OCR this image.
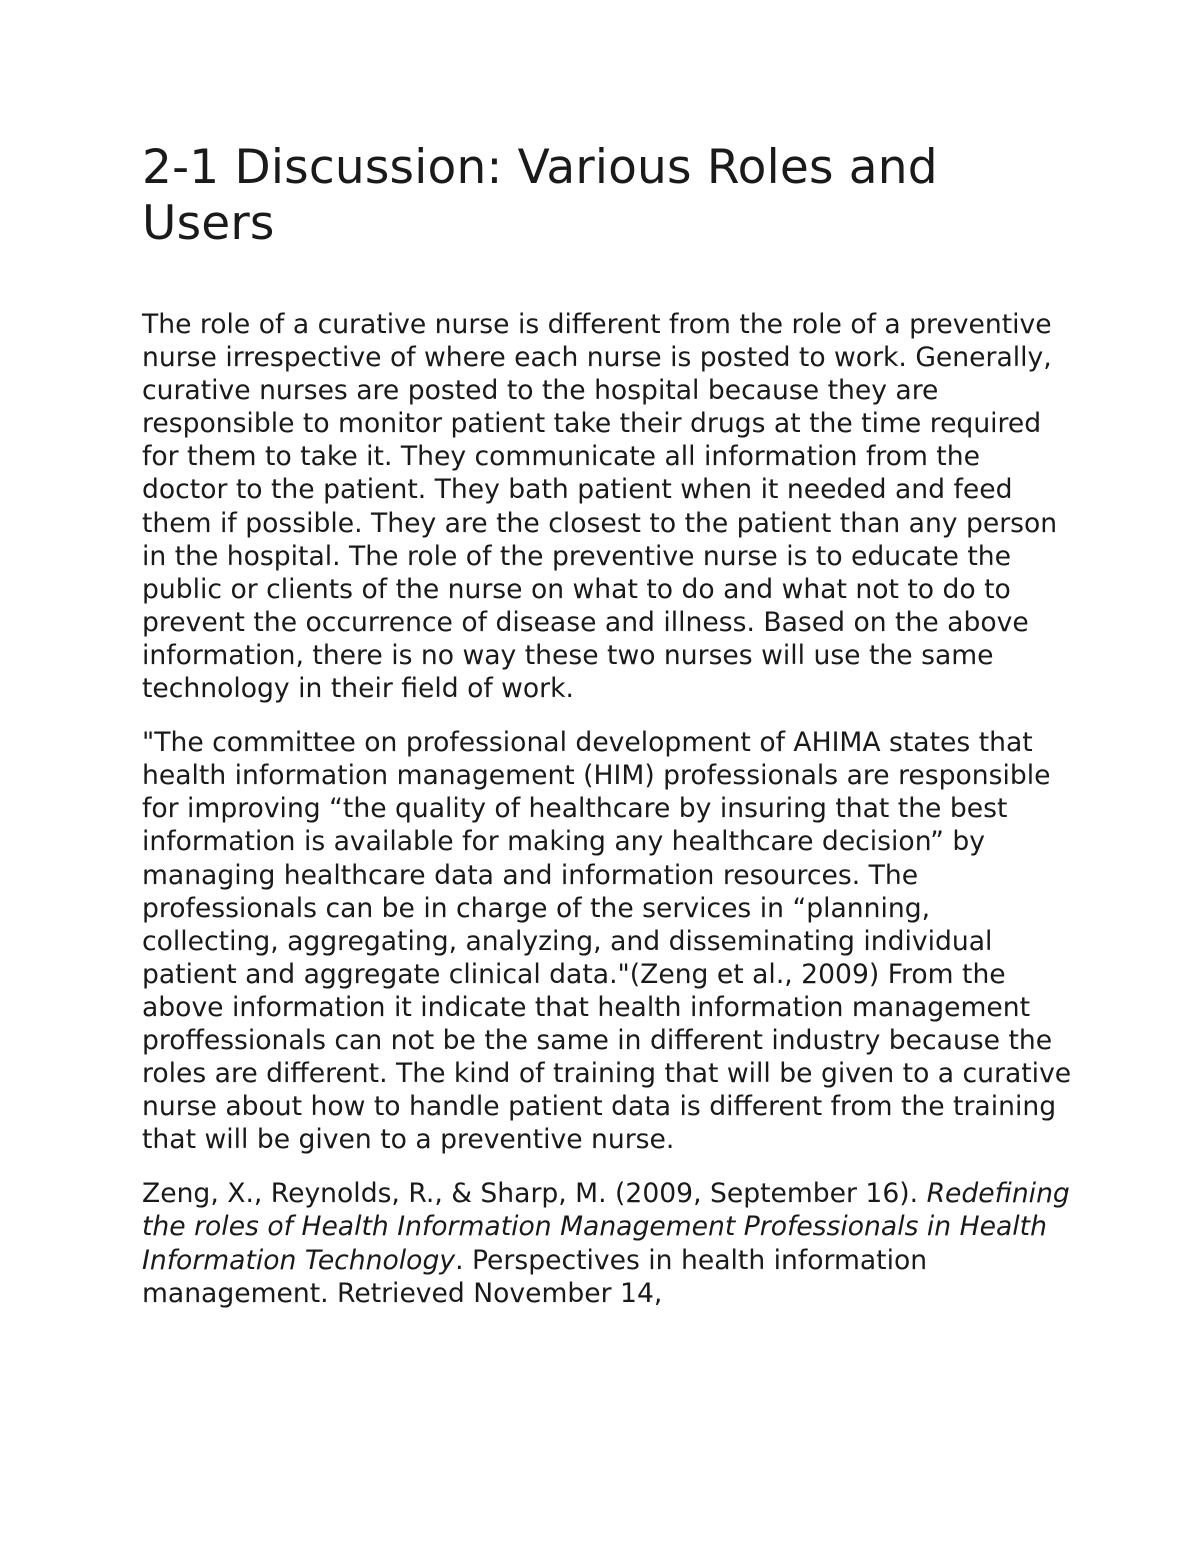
2-1 Discussion: Various Roles and Users

The role of a curative nurse is different from the role of a preventive nurse irrespective of where each nurse is posted to work. Generally, curative nurses are posted to the hospital because they are responsible to monitor patient take their drugs at the time required for them to take it. They communicate all information from the doctor to the patient. They bath patient when it needed and feed them if possible. They are the closest to the patient than any person in the hospital. The role of the preventive nurse is to educate the public or clients of the nurse on what to do and what not to do to prevent the occurrence of disease and illness. Based on the above information, there is no way these two nurses will use the same technology in their field of work.

"The committee on professional development of AHIMA states that health information management (HIM) professionals are responsible for improving “the quality of healthcare by insuring that the best information is available for making any healthcare decision” by managing healthcare data and information resources. The professionals can be in charge of the services in “planning, collecting, aggregating, analyzing, and disseminating individual patient and aggregate clinical data."(Zeng et al., 2009) From the above information it indicate that health information management proffessionals can not be the same in different industry because the roles are different. The kind of training that will be given to a curative nurse about how to handle patient data is different from the training that will be given to a preventive nurse.

Zeng, X., Reynolds, R., & Sharp, M. (2009, September 16). Redefining the roles of Health Information Management Professionals in Health Information Technology. Perspectives in health information management. Retrieved November 14,
